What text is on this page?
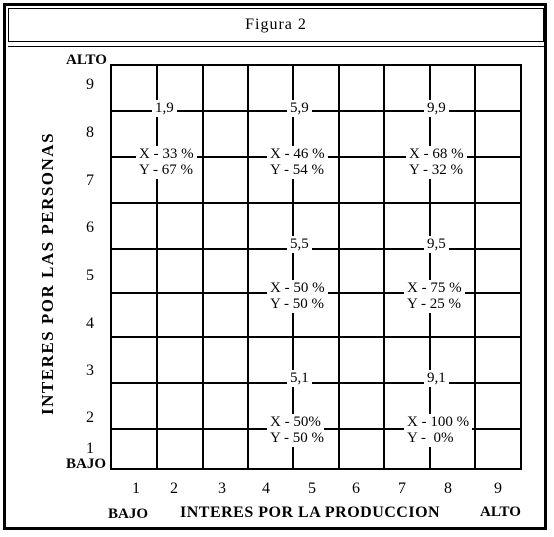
Figura 2
1,9
X - 33 %
Y - 67 %
5,9
X - 46 %
Y - 54 %
9,9
X - 68 %
Y - 32 %
5,5
X - 50 %
Y - 50 %
9,5
X - 75 %
Y - 25 %
5,1
X - 50%
Y - 50 %
9,1
X - 100 %
Y -  0%
ALTO
9
8
7
6
5
4
3
2
1
BAJO
INTERES POR LAS PERSONAS
1 2	3 4 5 6 7 8	9
BAJO INTERES POR LA PRODUCCION	ALTO
